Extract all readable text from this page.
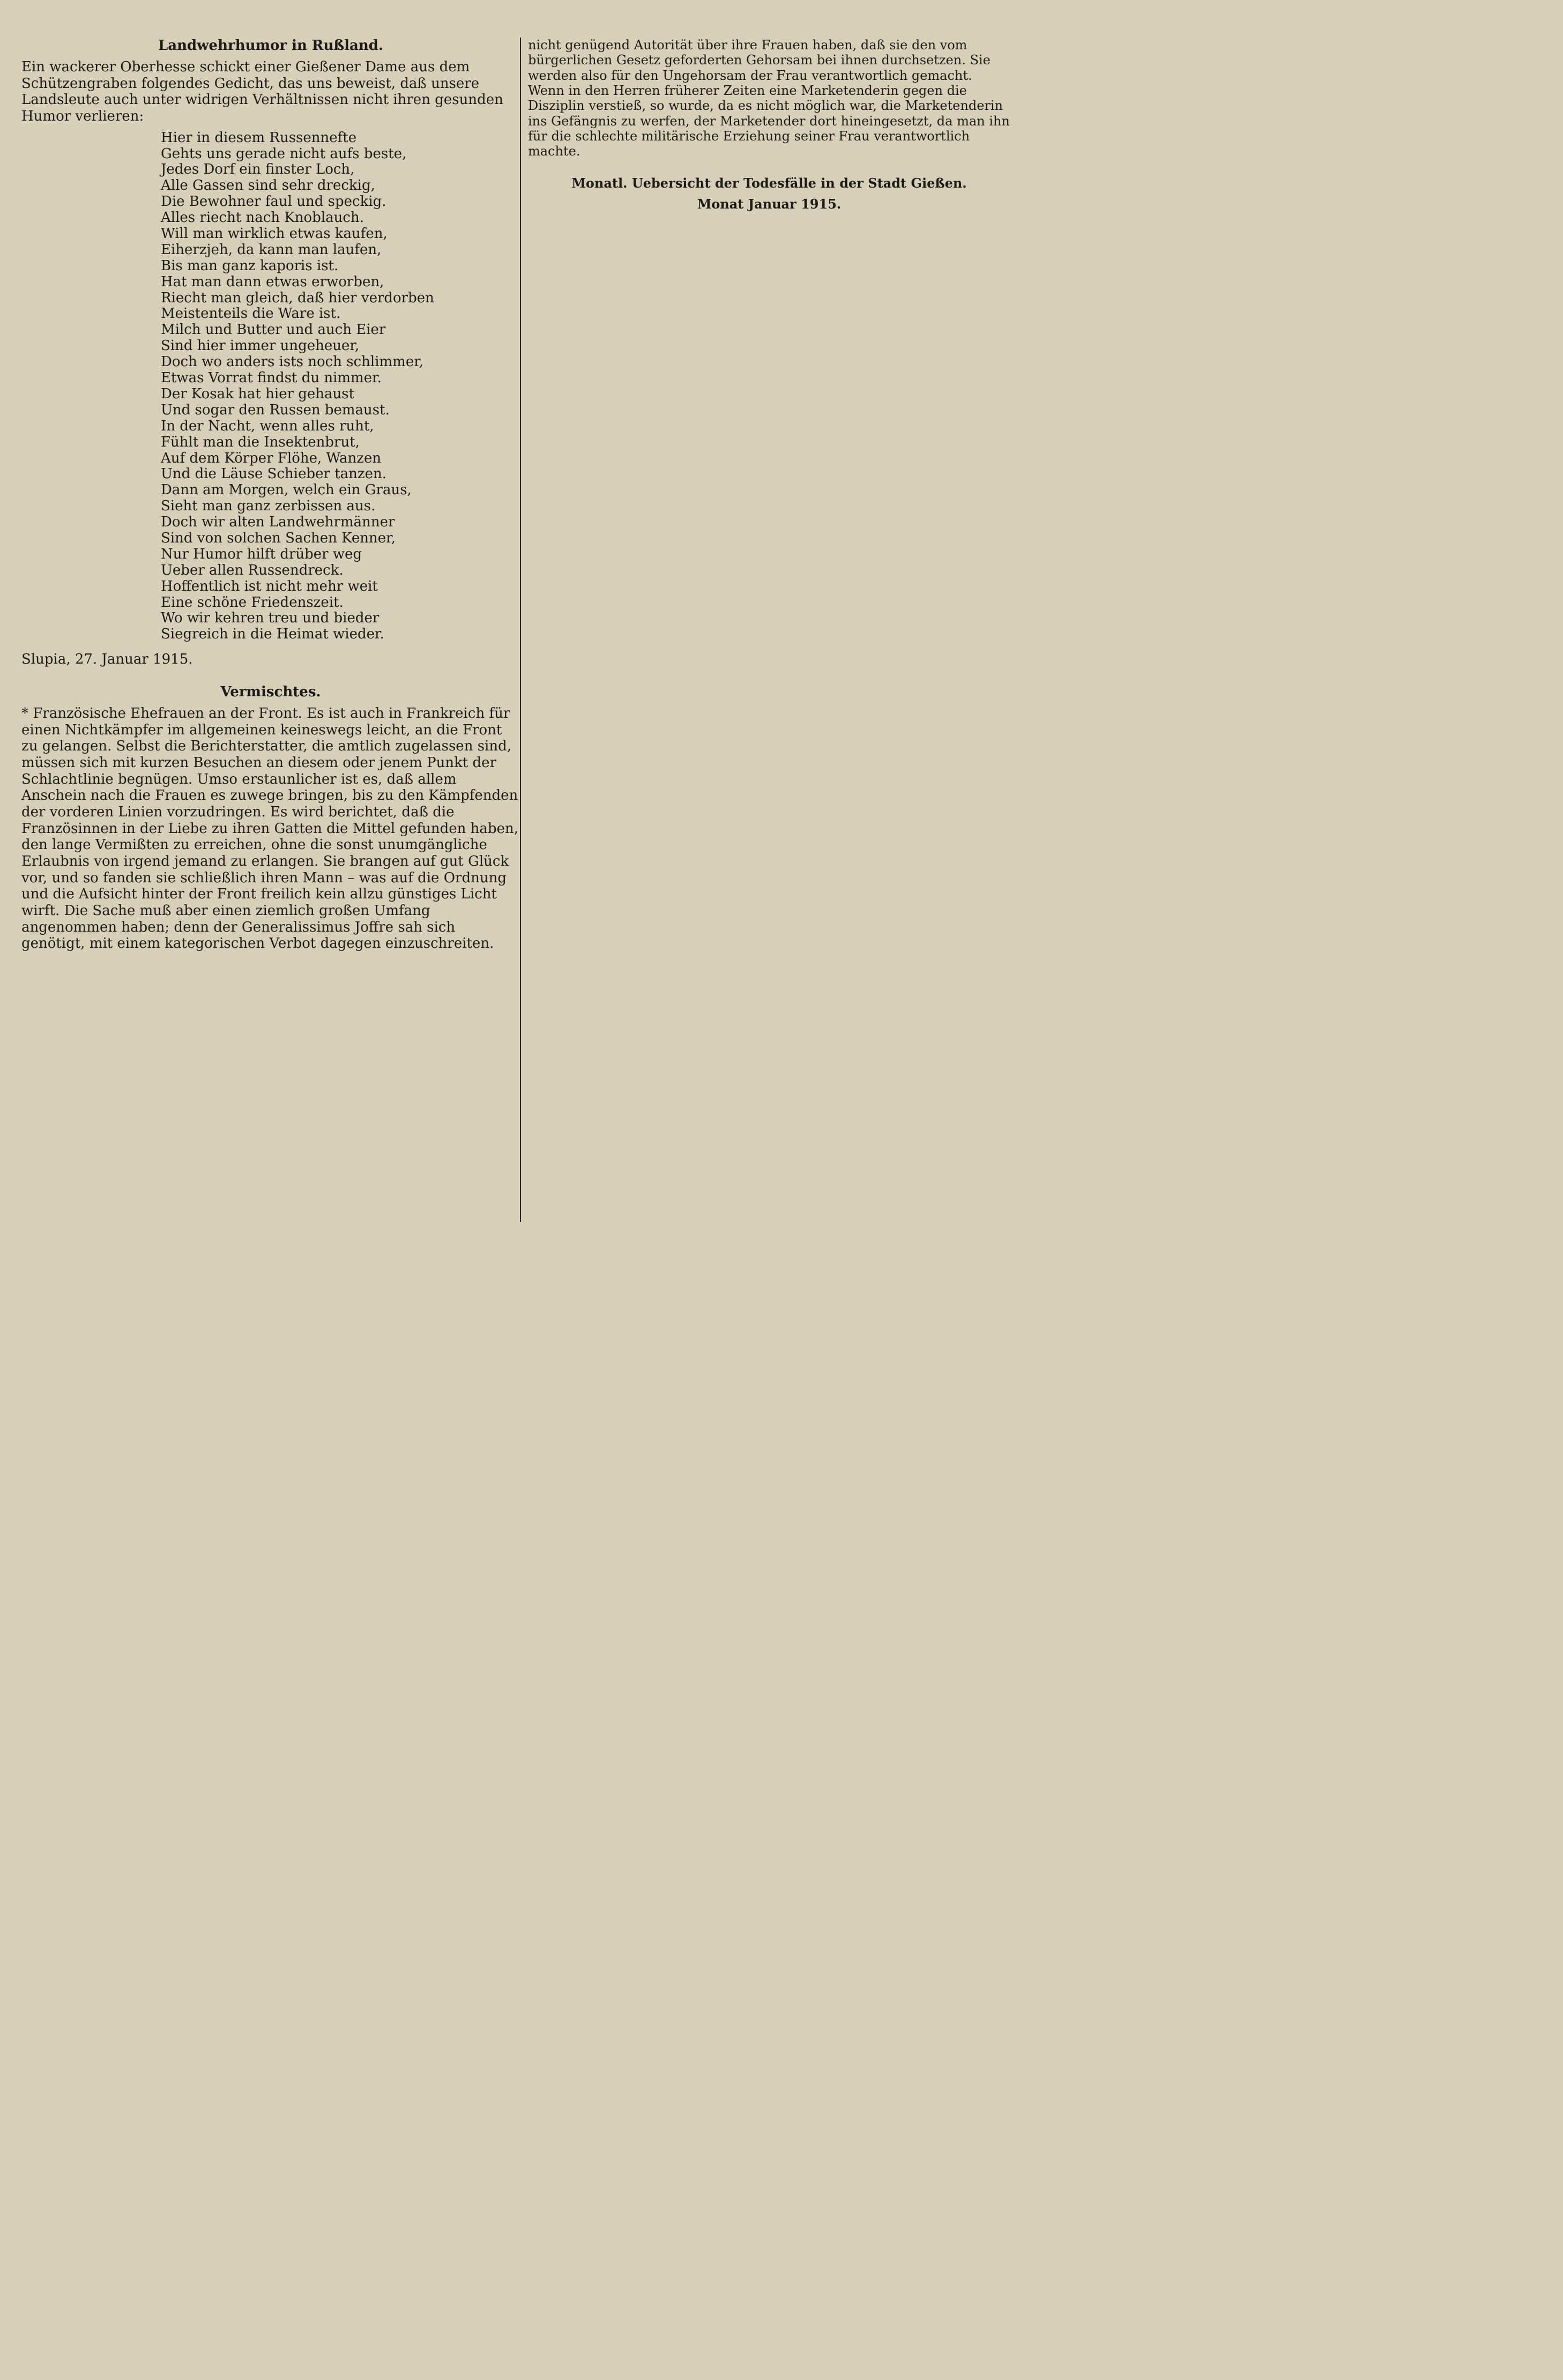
Landwehrhumor in Rußland.
Ein wackerer Oberhesse schickt einer Gießener Dame aus dem Schützengraben folgendes Gedicht, das uns beweist, daß unsere Landsleute auch unter widrigen Verhältnissen nicht ihren gesunden Humor verlieren:
Hier in diesem Russennefte
Gehts uns gerade nicht aufs beste,
Jedes Dorf ein finster Loch,
Alle Gassen sind sehr dreckig,
Die Bewohner faul und speckig.
Alles riecht nach Knoblauch.
Will man wirklich etwas kaufen,
Eiherzjeh, da kann man laufen,
Bis man ganz kaporis ist.
Hat man dann etwas erworben,
Riecht man gleich, daß hier verdorben
Meistenteils die Ware ist.
Milch und Butter und auch Eier
Sind hier immer ungeheuer,
Doch wo anders ists noch schlimmer,
Etwas Vorrat findst du nimmer.
Der Kosak hat hier gehaust
Und sogar den Russen bemaust.
In der Nacht, wenn alles ruht,
Fühlt man die Insektenbrut,
Auf dem Körper Flöhe, Wanzen
Und die Läuse Schieber tanzen.
Dann am Morgen, welch ein Graus,
Sieht man ganz zerbissen aus.
Doch wir alten Landwehrmänner
Sind von solchen Sachen Kenner,
Nur Humor hilft drüber weg
Ueber allen Russendreck.
Hoffentlich ist nicht mehr weit
Eine schöne Friedenszeit.
Wo wir kehren treu und bieder
Siegreich in die Heimat wieder.
Slupia, 27. Januar 1915.
Vermischtes.
* Französische Ehefrauen an der Front. Es ist auch in Frankreich für einen Nichtkämpfer im allgemeinen keineswegs leicht, an die Front zu gelangen. Selbst die Berichterstatter, die amtlich zugelassen sind, müssen sich mit kurzen Besuchen an diesem oder jenem Punkt der Schlachtlinie begnügen. Umso erstaunlicher ist es, daß allem Anschein nach die Frauen es zuwege bringen, bis zu den Kämpfenden der vorderen Linien vorzudringen. Es wird berichtet, daß die Französinnen in der Liebe zu ihren Gatten die Mittel gefunden haben, den lange Vermißten zu erreichen, ohne die sonst unumgängliche Erlaubnis von irgend jemand zu erlangen. Sie brangen auf gut Glück vor, und so fanden sie schließlich ihren Mann – was auf die Ordnung und die Aufsicht hinter der Front freilich kein allzu günstiges Licht wirft. Die Sache muß aber einen ziemlich großen Umfang angenommen haben; denn der Generalissimus Joffre sah sich genötigt, mit einem kategorischen Verbot dagegen einzuschreiten.
nicht genügend Autorität über ihre Frauen haben, daß sie den vom bürgerlichen Gesetz geforderten Gehorsam bei ihnen durchsetzen. Sie werden also für den Ungehorsam der Frau verantwortlich gemacht. Wenn in den Herren früherer Zeiten eine Marketenderin gegen die Disziplin verstieß, so wurde, da es nicht möglich war, die Marketenderin ins Gefängnis zu werfen, der Marketender dort hineingesetzt, da man ihn für die schlechte militärische Erziehung seiner Frau verantwortlich machte.
Monatl. Uebersicht der Todesfälle in der Stadt Gießen.
Monat Januar 1915.
